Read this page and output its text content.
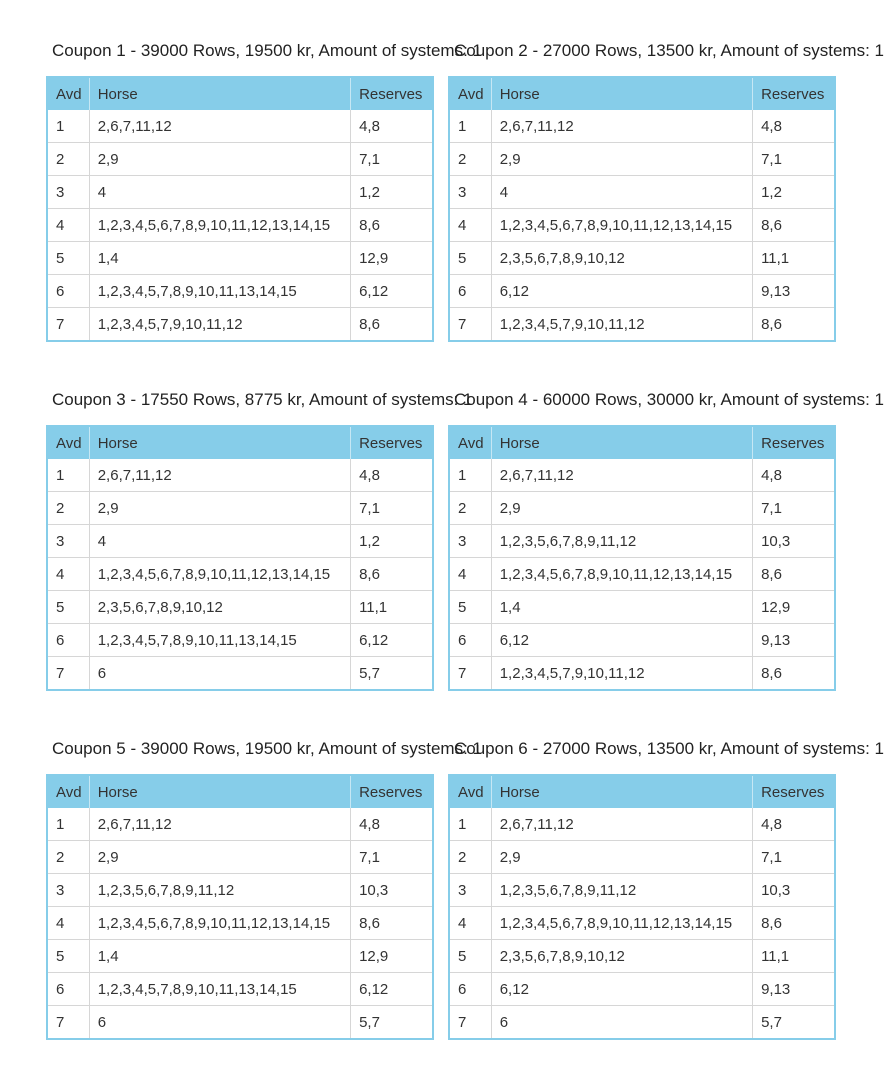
Coupon 1 - 39000 Rows, 19500 kr, Amount of systems: 1
Avd	Horse	Reserves
1	2,6,7,11,12	4,8
2	2,9	7,1
3	4	1,2
4	1,2,3,4,5,6,7,8,9,10,11,12,13,14,15	8,6
5	1,4	12,9
6	1,2,3,4,5,7,8,9,10,11,13,14,15	6,12
7	1,2,3,4,5,7,9,10,11,12	8,6
Coupon 2 - 27000 Rows, 13500 kr, Amount of systems: 1
Avd	Horse	Reserves
1	2,6,7,11,12	4,8
2	2,9	7,1
3	4	1,2
4	1,2,3,4,5,6,7,8,9,10,11,12,13,14,15	8,6
5	2,3,5,6,7,8,9,10,12	11,1
6	6,12	9,13
7	1,2,3,4,5,7,9,10,11,12	8,6
Coupon 3 - 17550 Rows, 8775 kr, Amount of systems: 1
Avd	Horse	Reserves
1	2,6,7,11,12	4,8
2	2,9	7,1
3	4	1,2
4	1,2,3,4,5,6,7,8,9,10,11,12,13,14,15	8,6
5	2,3,5,6,7,8,9,10,12	11,1
6	1,2,3,4,5,7,8,9,10,11,13,14,15	6,12
7	6	5,7
Coupon 4 - 60000 Rows, 30000 kr, Amount of systems: 1
Avd	Horse	Reserves
1	2,6,7,11,12	4,8
2	2,9	7,1
3	1,2,3,5,6,7,8,9,11,12	10,3
4	1,2,3,4,5,6,7,8,9,10,11,12,13,14,15	8,6
5	1,4	12,9
6	6,12	9,13
7	1,2,3,4,5,7,9,10,11,12	8,6
Coupon 5 - 39000 Rows, 19500 kr, Amount of systems: 1
Avd	Horse	Reserves
1	2,6,7,11,12	4,8
2	2,9	7,1
3	1,2,3,5,6,7,8,9,11,12	10,3
4	1,2,3,4,5,6,7,8,9,10,11,12,13,14,15	8,6
5	1,4	12,9
6	1,2,3,4,5,7,8,9,10,11,13,14,15	6,12
7	6	5,7
Coupon 6 - 27000 Rows, 13500 kr, Amount of systems: 1
Avd	Horse	Reserves
1	2,6,7,11,12	4,8
2	2,9	7,1
3	1,2,3,5,6,7,8,9,11,12	10,3
4	1,2,3,4,5,6,7,8,9,10,11,12,13,14,15	8,6
5	2,3,5,6,7,8,9,10,12	11,1
6	6,12	9,13
7	6	5,7
